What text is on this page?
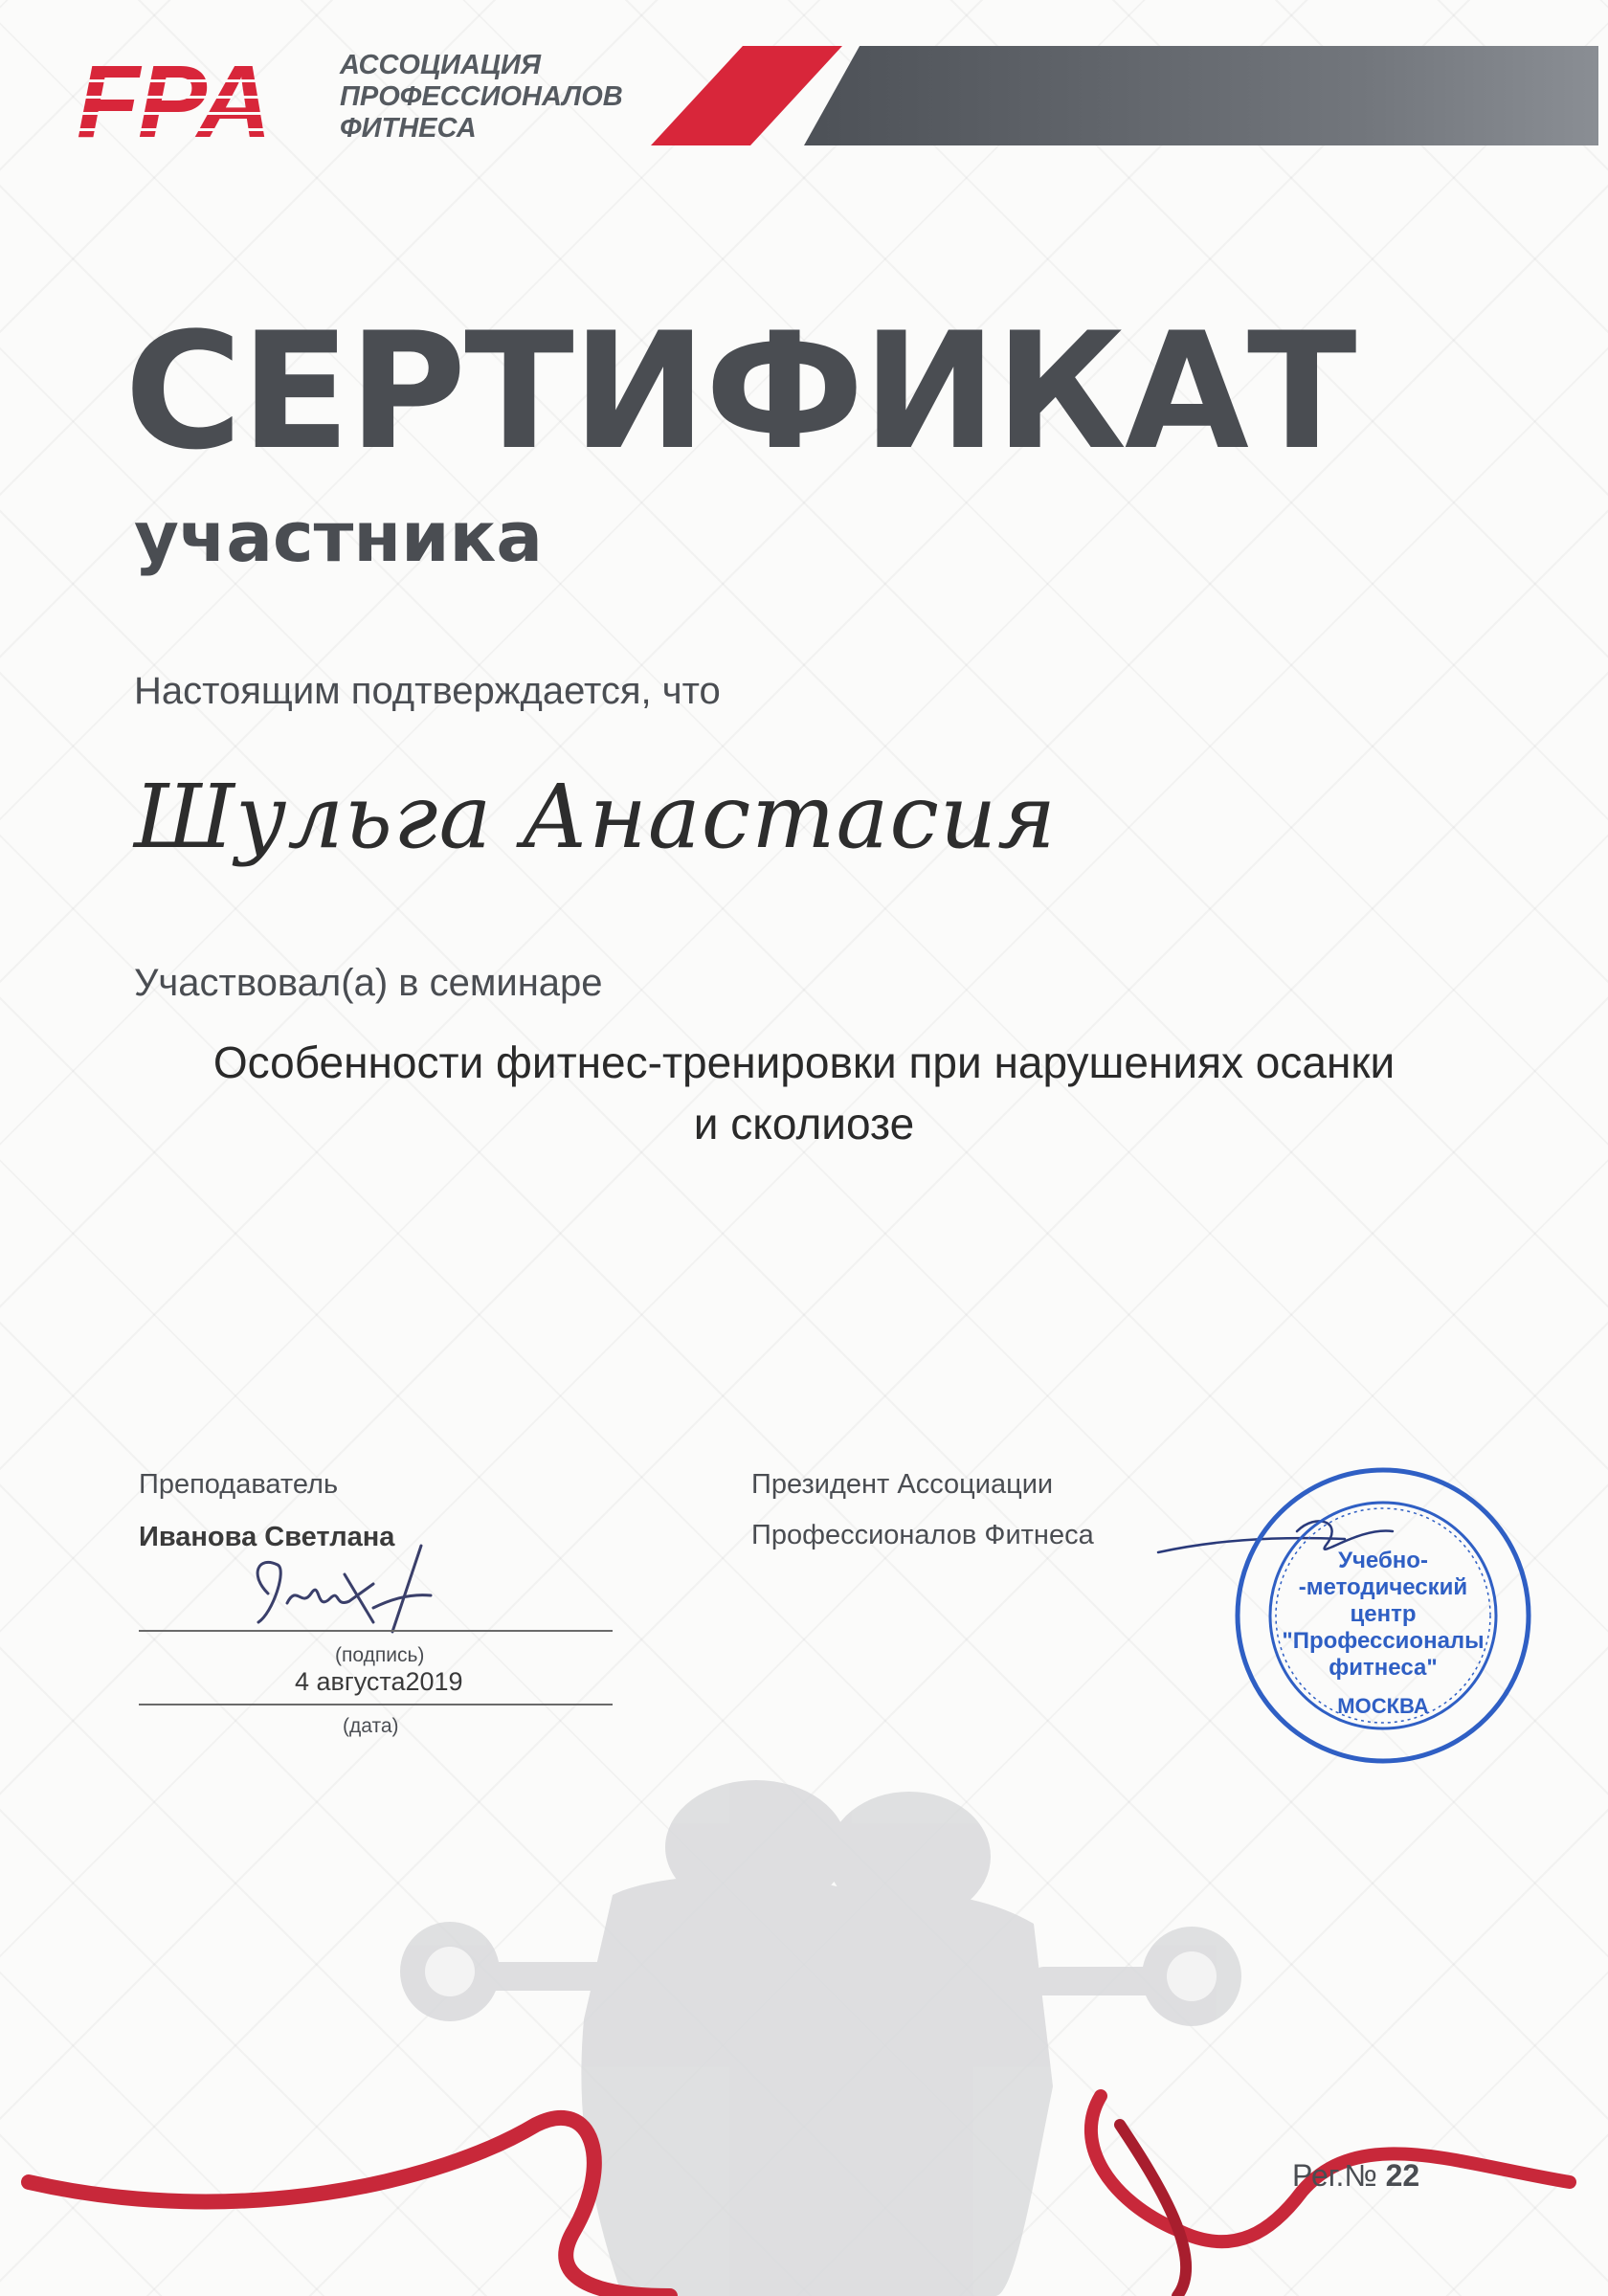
FPA	АССОЦИАЦИЯ
ПРОФЕССИОНАЛОВ
ФИТНЕСА
СЕРТИФИКАТ
участника
Настоящим подтверждается, что
Шульга Анастасия
Участвовал(а) в семинаре
Особенности фитнес-тренировки при нарушениях осанки
и сколиозе
Преподаватель
Иванова Светлана
(подпись)
4 августа2019
(дата)
Президент Ассоциации
Профессионалов Фитнеса
Учебно-
-методический
центр
"Профессионалы
фитнеса"
МОСКВА
Рег.№ 22
